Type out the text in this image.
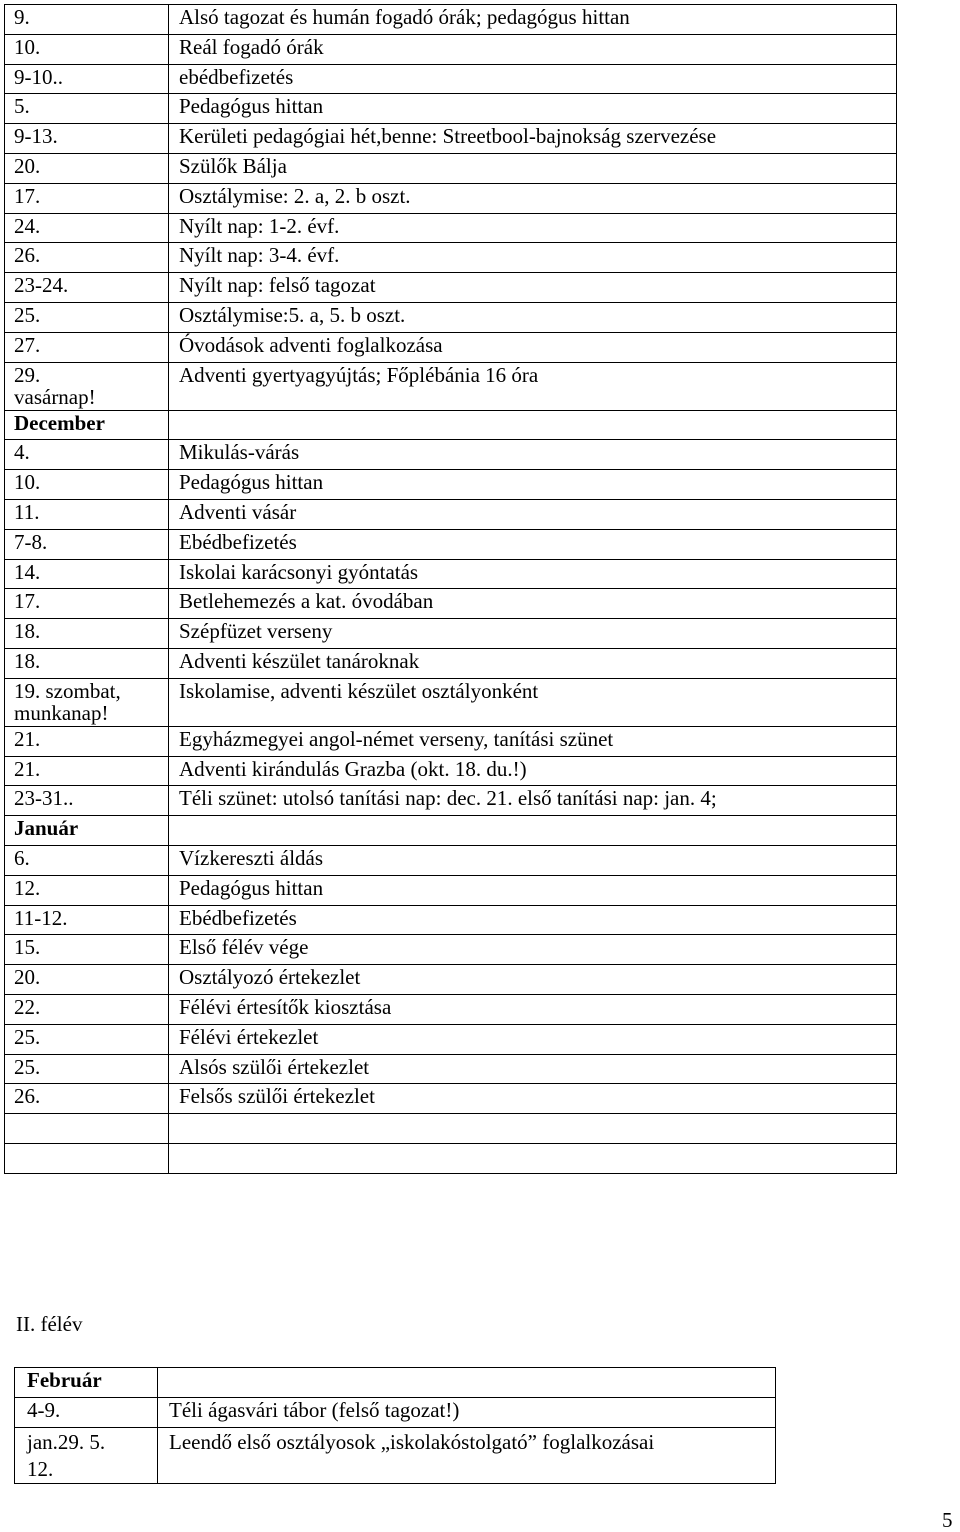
9.	Alsó tagozat és humán fogadó órák; pedagógus hittan
10.	Reál fogadó órák
9-10..	ebédbefizetés
5.	Pedagógus hittan
9-13.	Kerületi pedagógiai hét,benne: Streetbool-bajnokság szervezése
20.	Szülők Bálja
17.	Osztálymise: 2. a, 2. b oszt.
24.	Nyílt nap: 1-2. évf.
26.	Nyílt nap: 3-4. évf.
23-24.	Nyílt nap: felső tagozat
25.	Osztálymise:5. a, 5. b oszt.
27.	Óvodások adventi foglalkozása
29.
vasárnap!	Adventi gyertyagyújtás; Főplébánia 16 óra
December	
4.	Mikulás-várás
10.	Pedagógus hittan
11.	Adventi vásár
7-8.	Ebédbefizetés
14.	Iskolai karácsonyi gyóntatás
17.	Betlehemezés a kat. óvodában
18.	Szépfüzet verseny
18.	Adventi készület tanároknak
19. szombat,
munkanap!	Iskolamise, adventi készület osztályonként
21.	Egyházmegyei angol-német verseny, tanítási szünet
21.	Adventi kirándulás Grazba (okt. 18. du.!)
23-31..	Téli szünet: utolsó tanítási nap: dec. 21. első tanítási nap: jan. 4;
Január	
6.	Vízkereszti áldás
12.	Pedagógus hittan
11-12.	Ebédbefizetés
15.	Első félév vége
20.	Osztályozó értekezlet
22.	Félévi értesítők kiosztása
25.	Félévi értekezlet
25.	Alsós szülői értekezlet
26.	Felsős szülői értekezlet

II. félév
Február	
4-9.	Téli ágasvári tábor (felső tagozat!)
jan.29. 5.
12.	Leendő első osztályosok „iskolakóstolgató” foglalkozásai
5
